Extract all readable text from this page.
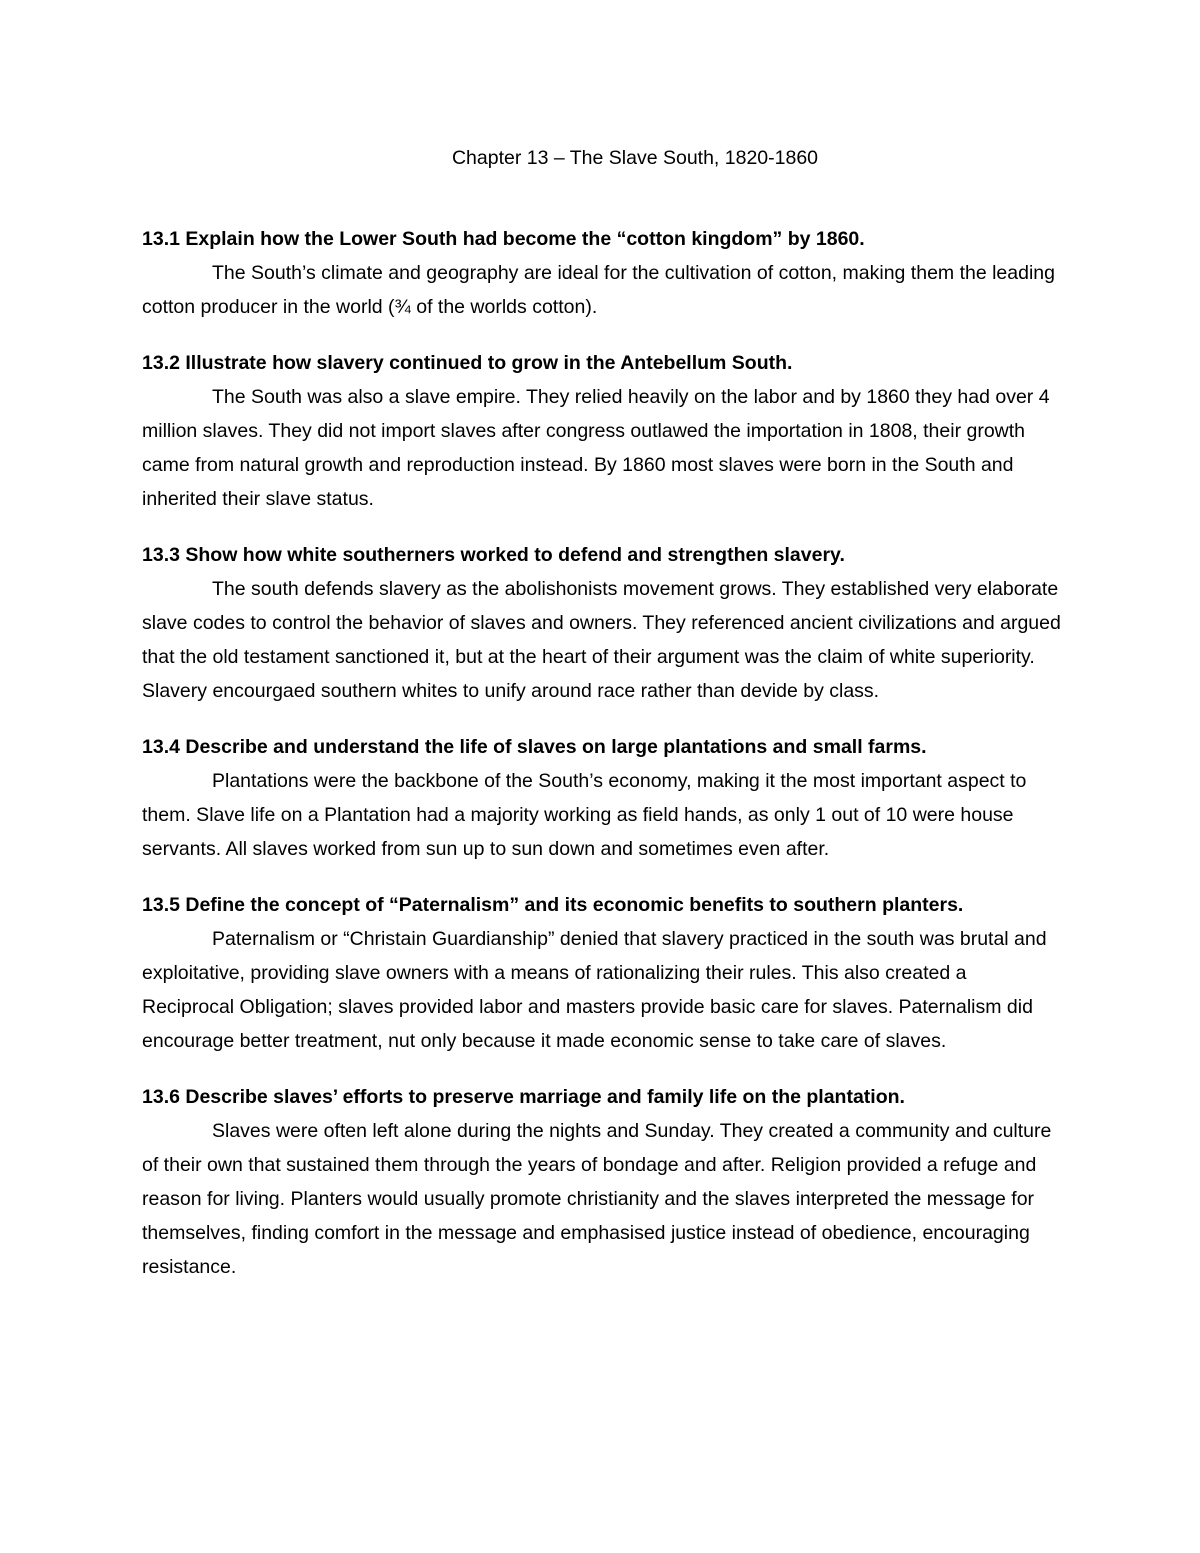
Chapter 13 – The Slave South, 1820-1860

13.1 Explain how the Lower South had become the “cotton kingdom” by 1860.

The South’s climate and geography are ideal for the cultivation of cotton, making them the leading cotton producer in the world (¾ of the worlds cotton).

13.2 Illustrate how slavery continued to grow in the Antebellum South.

The South was also a slave empire. They relied heavily on the labor and by 1860 they had over 4 million slaves. They did not import slaves after congress outlawed the importation in 1808, their growth came from natural growth and reproduction instead. By 1860 most slaves were born in the South and inherited their slave status.

13.3 Show how white southerners worked to defend and strengthen slavery.

The south defends slavery as the abolishonists movement grows. They established very elaborate slave codes to control the behavior of slaves and owners. They referenced ancient civilizations and argued that the old testament sanctioned it, but at the heart of their argument was the claim of white superiority. Slavery encourgaed southern whites to unify around race rather than devide by class.

13.4 Describe and understand the life of slaves on large plantations and small farms.

Plantations were the backbone of the South’s economy, making it the most important aspect to them. Slave life on a Plantation had a majority working as field hands, as only 1 out of 10 were house servants. All slaves worked from sun up to sun down and sometimes even after.

13.5 Define the concept of “Paternalism” and its economic benefits to southern planters.

Paternalism or “Christain Guardianship” denied that slavery practiced in the south was brutal and exploitative, providing slave owners with a means of rationalizing their rules. This also created a Reciprocal Obligation; slaves provided labor and masters provide basic care for slaves. Paternalism did encourage better treatment, nut only because it made economic sense to take care of slaves.

13.6 Describe slaves’ efforts to preserve marriage and family life on the plantation.

Slaves were often left alone during the nights and Sunday. They created a community and culture of their own that sustained them through the years of bondage and after. Religion provided a refuge and reason for living. Planters would usually promote christianity and the slaves interpreted the message for themselves, finding comfort in the message and emphasised justice instead of obedience, encouraging resistance.
